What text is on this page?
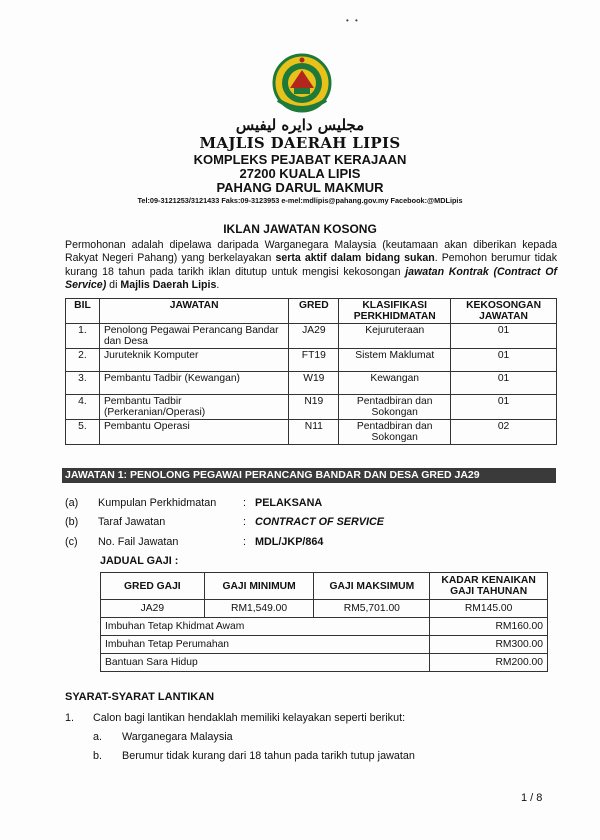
• •
مجليس دايره ليفيس
MAJLIS DAERAH LIPIS
KOMPLEKS PEJABAT KERAJAAN
27200 KUALA LIPIS
PAHANG DARUL MAKMUR
Tel:09-3121253/3121433 Faks:09-3123953 e-mel:mdlipis@pahang.gov.my Facebook:@MDLipis
IKLAN JAWATAN KOSONG
Permohonan adalah dipelawa daripada Warganegara Malaysia (keutamaan akan diberikan kepada Rakyat Negeri Pahang) yang berkelayakan serta aktif dalam bidang sukan. Pemohon berumur tidak kurang 18 tahun pada tarikh iklan ditutup untuk mengisi kekosongan jawatan Kontrak (Contract Of Service) di Majlis Daerah Lipis.
BIL	JAWATAN	GRED	KLASIFIKASI PERKHIDMATAN	KEKOSONGAN JAWATAN
1.	Penolong Pegawai Perancang Bandar dan Desa	JA29	Kejuruteraan	01
2.	Juruteknik Komputer	FT19	Sistem Maklumat	01
3.	Pembantu Tadbir (Kewangan)	W19	Kewangan	01
4.	Pembantu Tadbir (Perkeranian/Operasi)	N19	Pentadbiran dan Sokongan	01
5.	Pembantu Operasi	N11	Pentadbiran dan Sokongan	02
JAWATAN 1: PENOLONG PEGAWAI PERANCANG BANDAR DAN DESA GRED JA29
(a) Kumpulan Perkhidmatan : PELAKSANA
(b) Taraf Jawatan	: CONTRACT OF SERVICE
(c) No. Fail Jawatan	: MDL/JKP/864
JADUAL GAJI :
GRED GAJI	GAJI MINIMUM	GAJI MAKSIMUM	KADAR KENAIKAN GAJI TAHUNAN
JA29	RM1,549.00	RM5,701.00	RM145.00
Imbuhan Tetap Khidmat Awam			RM160.00
Imbuhan Tetap Perumahan			RM300.00
Bantuan Sara Hidup			RM200.00
SYARAT-SYARAT LANTIKAN
1. Calon bagi lantikan hendaklah memiliki kelayakan seperti berikut:
a. Warganegara Malaysia
b. Berumur tidak kurang dari 18 tahun pada tarikh tutup jawatan
1 / 8
